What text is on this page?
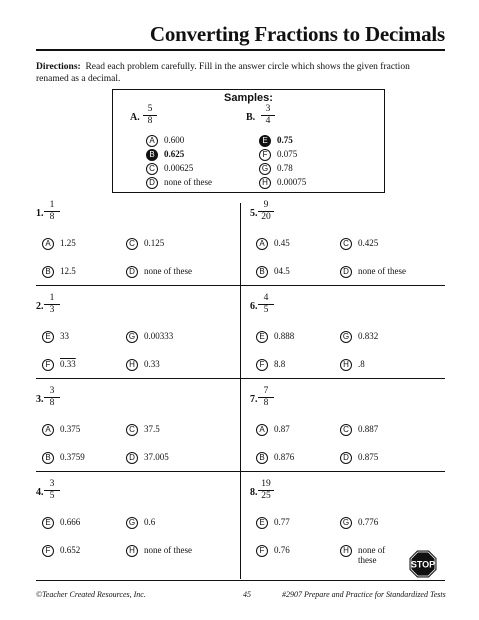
Converting Fractions to Decimals
Directions: Read each problem carefully. Fill in the answer circle which shows the given fraction renamed as a decimal.
Samples:
A. $\frac{5}{8}$
A 0.600
B 0.625
C 0.00625
D none of these
B. $\frac{3}{4}$
E 0.75
F 0.075
G 0.78
H 0.00075
1. $\frac{1}{8}$
A 1.25	C 0.125
B 12.5	D none of these
5. $\frac{9}{20}$
A 0.45	C 0.425
B 04.5	D none of these
2. $\frac{1}{3}$
E 33	G 0.00333
F 0.33	H 0.33
6. $\frac{4}{5}$
E 0.888	G 0.832
F 8.8	H .8
3. $\frac{3}{8}$
A 0.375	C 37.5
B 0.3759	D 37.005
7. $\frac{7}{8}$
A 0.87	C 0.887
B 0.876	D 0.875
4. $\frac{3}{5}$
E 0.666	G 0.6
F 0.652	H none of these
8. $\frac{19}{25}$
E 0.77	G 0.776
F 0.76	H none of these	STOP
©Teacher Created Resources, Inc.	45	#2907 Prepare and Practice for Standardized Tests
